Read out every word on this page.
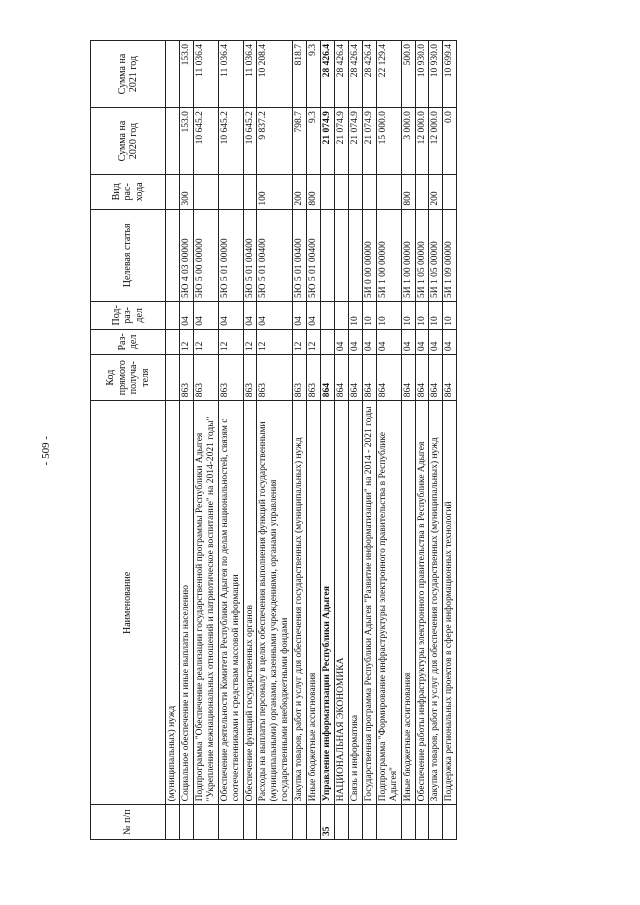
- 509 -
№ п/п	Наименование	Код прямого получа-теля	Раз-дел	Под-раз-дел	Целевая статья	Вид рас-хода	Сумма на 2020 год	Сумма на 2021 год
	(муниципальных) нужд							
	Социальное обеспечение и иные выплаты населению	863	12	04	5Ю 4 03 00000	300	153.0	153.0
	Подпрограмма "Обеспечение реализации государственной программы Республики Адыгея "Укрепление межнациональных отношений и патриотическое воспитание" на 2014-2021 годы"	863	12	04	5Ю 5 00 00000		10 645.2	11 036.4
	Обеспечение деятельности Комитета Республики Адыгея по делам национальностей, связям с соотечественниками и средствам массовой информации	863	12	04	5Ю 5 01 00000		10 645.2	11 036.4
	Обеспечение функций государственных органов	863	12	04	5Ю 5 01 00400		10 645.2	11 036.4
	Расходы на выплаты персоналу в целях обеспечения выполнения функций государственными (муниципальными) органами, казенными учреждениями, органами управления государственными внебюджетными фондами	863	12	04	5Ю 5 01 00400	100	9 837.2	10 208.4
	Закупка товаров, работ и услуг для обеспечения государственных (муниципальных) нужд	863	12	04	5Ю 5 01 00400	200	798.7	818.7
	Иные бюджетные ассигнования	863	12	04	5Ю 5 01 00400	800	9.3	9.3
35	Управление информатизации Республики Адыгея	864					21 074.9	28 426.4
	НАЦИОНАЛЬНАЯ ЭКОНОМИКА	864	04				21 074.9	28 426.4
	Связь и информатика	864	04	10			21 074.9	28 426.4
	Государственная программа Республики Адыгея "Развитие информатизации" на 2014 - 2021 годы	864	04	10	5И 0 00 00000		21 074.9	28 426.4
	Подпрограмма "Формирование инфраструктуры электронного правительства в Республике Адыгея"	864	04	10	5И 1 00 00000		15 000.0	22 129.4
	Иные бюджетные ассигнования	864	04	10	5И 1 00 00000	800	3 000.0	500.0
	Обеспечение работы инфраструктуры электронного правительства в Республике Адыгея	864	04	10	5И 1 05 00000		12 000.0	10 930.0
	Закупка товаров, работ и услуг для обеспечения государственных (муниципальных) нужд	864	04	10	5И 1 05 00000	200	12 000.0	10 930.0
	Поддержка региональных проектов в сфере информационных технологий	864	04	10	5И 1 09 00000		0.0	10 699.4
